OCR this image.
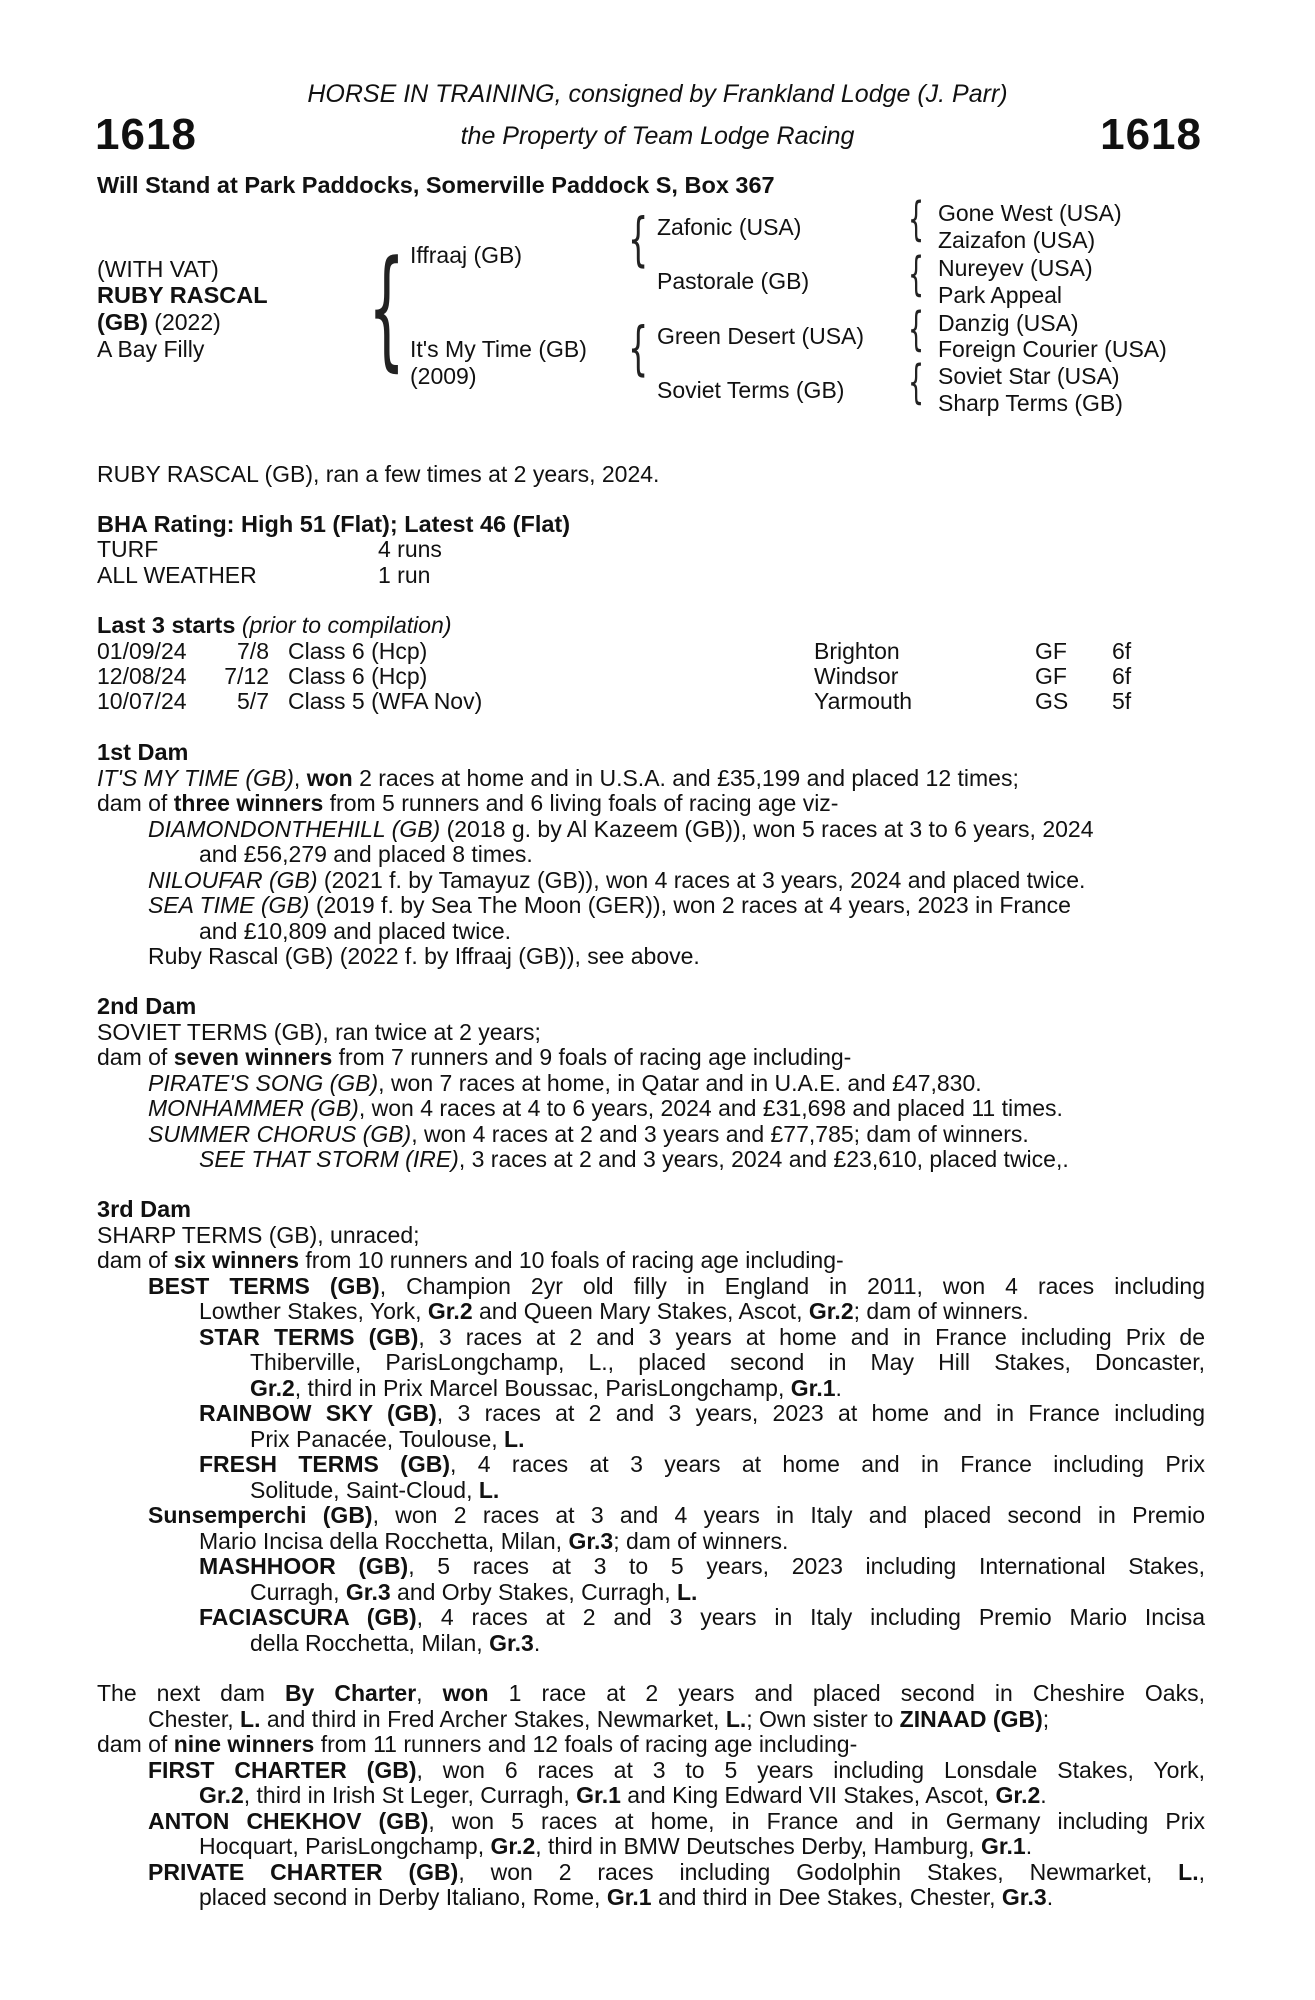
HORSE IN TRAINING, consigned by Frankland Lodge (J. Parr)
the Property of Team Lodge Racing
1618	1618
Will Stand at Park Paddocks, Somerville Paddock S, Box 367
(WITH VAT)
RUBY RASCAL
(GB) (2022)
A Bay Filly { Iffraaj (GB)
It's My Time (GB)
(2009)
{ Zafonic (USA)
Pastorale (GB)
{ Green Desert (USA)
Soviet Terms (GB)
{ Gone West (USA)
Zaizafon (USA)
{ Nureyev (USA)
Park Appeal
{ Danzig (USA)
Foreign Courier (USA)
{ Soviet Star (USA)
Sharp Terms (GB)
RUBY RASCAL (GB), ran a few times at 2 years, 2024.
BHA Rating: High 51 (Flat); Latest 46 (Flat)
TURF	4 runs
ALL WEATHER	1 run
Last 3 starts (prior to compilation)
01/09/24	7/8 Class 6 (Hcp)	Brighton	GF 6f
12/08/24	7/12 Class 6 (Hcp)	Windsor	GF 6f
10/07/24	5/7 Class 5 (WFA Nov)	Yarmouth	GS 5f
1st Dam
IT'S MY TIME (GB), won 2 races at home and in U.S.A. and £35,199 and placed 12 times;
dam of three winners from 5 runners and 6 living foals of racing age viz-
DIAMONDONTHEHILL (GB) (2018 g. by Al Kazeem (GB)), won 5 races at 3 to 6 years, 2024
and £56,279 and placed 8 times.
NILOUFAR (GB) (2021 f. by Tamayuz (GB)), won 4 races at 3 years, 2024 and placed twice.
SEA TIME (GB) (2019 f. by Sea The Moon (GER)), won 2 races at 4 years, 2023 in France
and £10,809 and placed twice.
Ruby Rascal (GB) (2022 f. by Iffraaj (GB)), see above.
2nd Dam
SOVIET TERMS (GB), ran twice at 2 years;
dam of seven winners from 7 runners and 9 foals of racing age including-
PIRATE'S SONG (GB), won 7 races at home, in Qatar and in U.A.E. and £47,830.
MONHAMMER (GB), won 4 races at 4 to 6 years, 2024 and £31,698 and placed 11 times.
SUMMER CHORUS (GB), won 4 races at 2 and 3 years and £77,785; dam of winners.
SEE THAT STORM (IRE), 3 races at 2 and 3 years, 2024 and £23,610, placed twice,.
3rd Dam
SHARP TERMS (GB), unraced;
dam of six winners from 10 runners and 10 foals of racing age including-
BEST TERMS (GB), Champion 2yr old filly in England in 2011, won 4 races including
Lowther Stakes, York, Gr.2 and Queen Mary Stakes, Ascot, Gr.2; dam of winners.
STAR TERMS (GB), 3 races at 2 and 3 years at home and in France including Prix de
Thiberville, ParisLongchamp, L., placed second in May Hill Stakes, Doncaster,
Gr.2, third in Prix Marcel Boussac, ParisLongchamp, Gr.1.
RAINBOW SKY (GB), 3 races at 2 and 3 years, 2023 at home and in France including
Prix Panacée, Toulouse, L.
FRESH TERMS (GB), 4 races at 3 years at home and in France including Prix
Solitude, Saint-Cloud, L.
Sunsemperchi (GB), won 2 races at 3 and 4 years in Italy and placed second in Premio
Mario Incisa della Rocchetta, Milan, Gr.3; dam of winners.
MASHHOOR (GB), 5 races at 3 to 5 years, 2023 including International Stakes,
Curragh, Gr.3 and Orby Stakes, Curragh, L.
FACIASCURA (GB), 4 races at 2 and 3 years in Italy including Premio Mario Incisa
della Rocchetta, Milan, Gr.3.
The next dam By Charter, won 1 race at 2 years and placed second in Cheshire Oaks,
Chester, L. and third in Fred Archer Stakes, Newmarket, L.; Own sister to ZINAAD (GB);
dam of nine winners from 11 runners and 12 foals of racing age including-
FIRST CHARTER (GB), won 6 races at 3 to 5 years including Lonsdale Stakes, York,
Gr.2, third in Irish St Leger, Curragh, Gr.1 and King Edward VII Stakes, Ascot, Gr.2.
ANTON CHEKHOV (GB), won 5 races at home, in France and in Germany including Prix
Hocquart, ParisLongchamp, Gr.2, third in BMW Deutsches Derby, Hamburg, Gr.1.
PRIVATE CHARTER (GB), won 2 races including Godolphin Stakes, Newmarket, L.,
placed second in Derby Italiano, Rome, Gr.1 and third in Dee Stakes, Chester, Gr.3.
